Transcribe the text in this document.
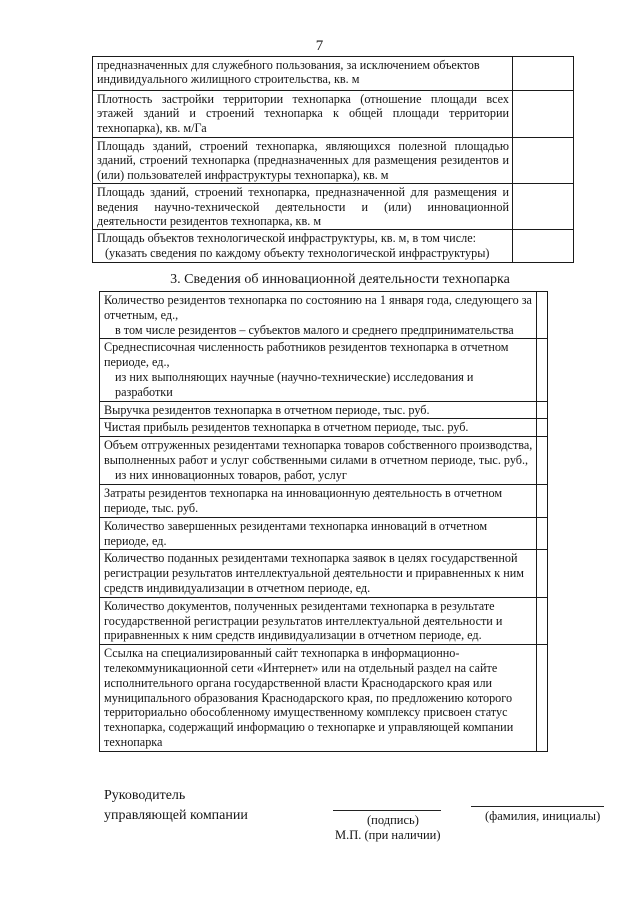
7
предназначенных для служебного пользования, за исключением объектов индивидуального жилищного строительства, кв. м	
Плотность застройки территории технопарка (отношение площади всех этажей зданий и строений технопарка к общей площади территории технопарка), кв. м/Га	
Площадь зданий, строений технопарка, являющихся полезной площадью зданий, строений технопарка (предназначенных для размещения резидентов и (или) пользователей инфраструктуры технопарка), кв. м	
Площадь зданий, строений технопарка, предназначенной для размещения и ведения научно-технической деятельности и (или) инновационной деятельности резидентов технопарка, кв. м	
Площадь объектов технологической инфраструктуры, кв. м, в том числе:
(указать сведения по каждому объекту технологической инфраструктуры)	

3. Сведения об инновационной деятельности технопарка
Количество резидентов технопарка по состоянию на 1 января года, следующего за отчетным, ед.,
в том числе резидентов – субъектов малого и среднего предпринимательства	

Среднесписочная численность работников резидентов технопарка в отчетном периоде, ед.,
из них выполняющих научные (научно-технические) исследования и разработки	

Выручка резидентов технопарка в отчетном периоде, тыс. руб.	
Чистая прибыль резидентов технопарка в отчетном периоде, тыс. руб.	
Объем отгруженных резидентами технопарка товаров собственного производства, выполненных работ и услуг собственными силами в отчетном периоде, тыс. руб.,
из них инновационных товаров, работ, услуг	

Затраты резидентов технопарка на инновационную деятельность в отчетном периоде, тыс. руб.	
Количество завершенных резидентами технопарка инноваций в отчетном периоде, ед.	
Количество поданных резидентами технопарка заявок в целях государственной регистрации результатов интеллектуальной деятельности и приравненных к ним средств индивидуализации в отчетном периоде, ед.	
Количество документов, полученных резидентами технопарка в результате государственной регистрации результатов интеллектуальной деятельности и приравненных к ним средств индивидуализации в отчетном периоде, ед.	
Ссылка на специализированный сайт технопарка в информационно-телекоммуникационной сети «Интернет» или на отдельный раздел на сайте исполнительного органа государственной власти Краснодарского края или муниципального образования Краснодарского края, по предложению которого территориально обособленному имущественному комплексу присвоен статус технопарка, содержащий информацию о технопарке и управляющей компании технопарка	
Руководитель
управляющей компании	(подпись)	(фамилия, инициалы)
М.П. (при наличии)
